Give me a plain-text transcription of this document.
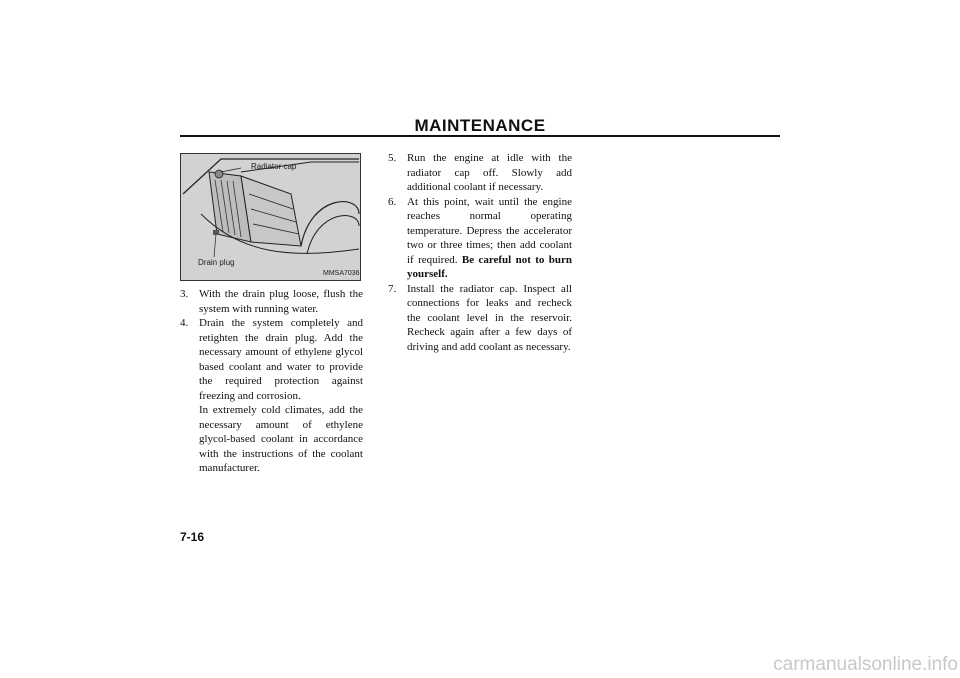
MAINTENANCE
Radiator cap
Drain plug
MMSA7036
3. With the drain plug loose, flush the system with running water.

4. Drain the system completely and retighten the drain plug. Add the necessary amount of ethylene glycol based coolant and water to provide the required protection against freezing and corrosion.

In extremely cold climates, add the necessary amount of ethylene glycol-based coolant in accordance with the instructions of the coolant manufacturer.

5. Run the engine at idle with the radiator cap off. Slowly add additional coolant if necessary.

6. At this point, wait until the engine reaches normal operating temperature. Depress the accelerator two or three times; then add coolant if required. Be careful not to burn yourself.

7. Install the radiator cap. Inspect all connections for leaks and recheck the coolant level in the reservoir. Recheck again after a few days of driving and add coolant as necessary.

7-16
carmanualsonline.info
